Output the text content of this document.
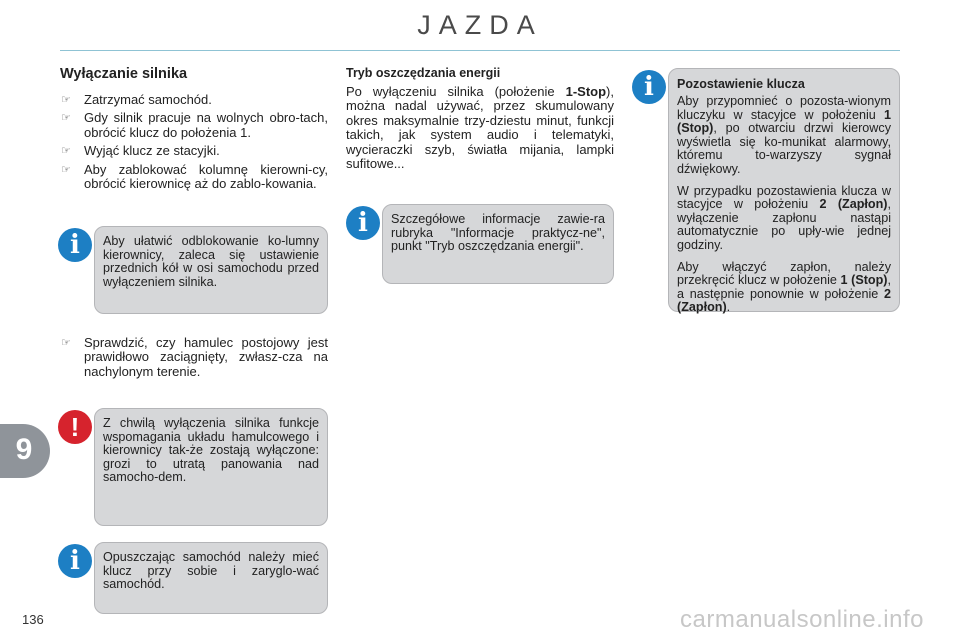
JAZDA
Wyłączanie silnika
☞ Zatrzymać samochód.
☞ Gdy silnik pracuje na wolnych obro-tach, obrócić klucz do położenia 1.
☞ Wyjąć klucz ze stacyjki.
☞ Aby zablokować kolumnę kierowni-cy, obrócić kierownicę aż do zablo-kowania.

Aby ułatwić odblokowanie ko-lumny kierownicy, zaleca się ustawienie przednich kół w osi samochodu przed wyłączeniem silnika.

i
☞ Sprawdzić, czy hamulec postojowy jest prawidłowo zaciągnięty, zwłasz-cza na nachylonym terenie.

Z chwilą wyłączenia silnika funkcje wspomagania układu hamulcowego i kierownicy tak-że zostają wyłączone: grozi to utratą panowania nad samocho-dem.

!

Opuszczając samochód należy mieć klucz przy sobie i zaryglo-wać samochód.

i

Tryb oszczędzania energii

Po wyłączeniu silnika (położenie 1-Stop), można nadal używać, przez skumulowany okres maksymalnie trzy-dziestu minut, funkcji takich, jak system audio i telematyki, wycieraczki szyb, światła mijania, lampki sufitowe...

Szczegółowe informacje zawie-ra rubryka "Informacje praktycz-ne", punkt "Tryb oszczędzania energii".

i

Pozostawienie klucza

Aby przypomnieć o pozosta-wionym kluczyku w stacyjce w położeniu 1 (Stop), po otwarciu drzwi kierowcy wyświetla się ko-munikat alarmowy, któremu to-warzyszy sygnał dźwiękowy.

W przypadku pozostawienia klucza w stacyjce w położeniu 2 (Zapłon), wyłączenie zapłonu nastąpi automatycznie po upły-wie jednej godziny.

Aby włączyć zapłon, należy przekręcić klucz w położenie 1 (Stop), a następnie ponownie w położenie 2 (Zapłon).

i
9
136	carmanualsonline.info
